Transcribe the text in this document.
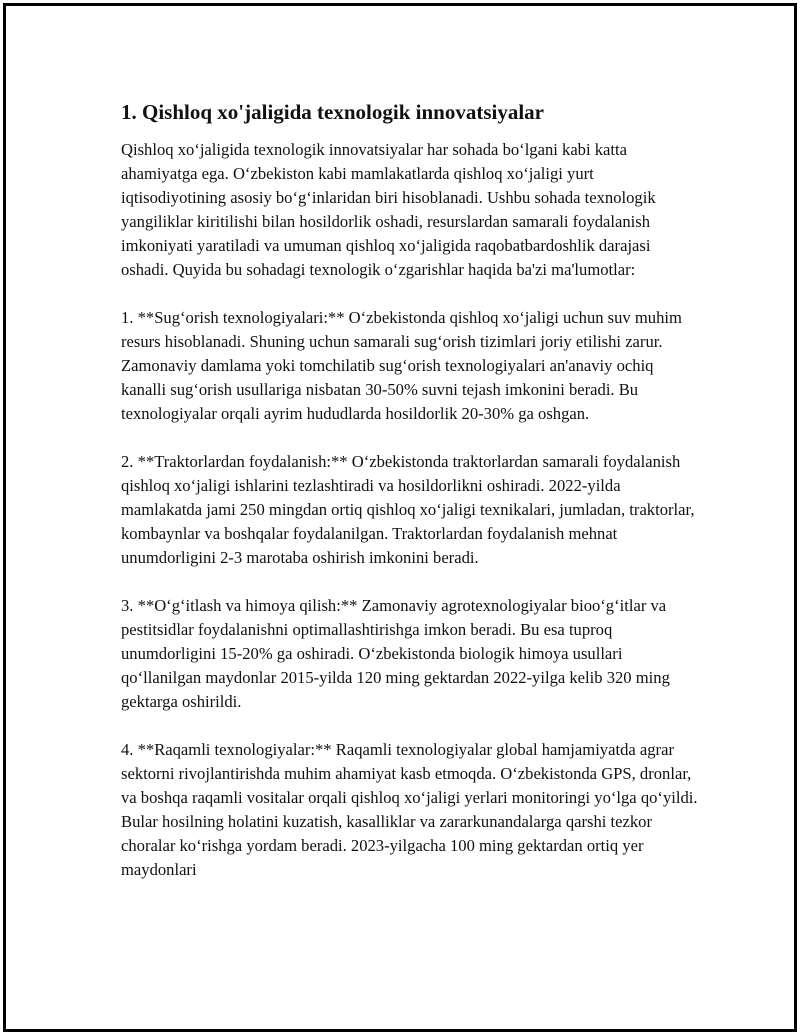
1. Qishloq xo'jaligida texnologik innovatsiyalar

Qishloq xo‘jaligida texnologik innovatsiyalar har sohada bo‘lgani kabi katta ahamiyatga ega. O‘zbekiston kabi mamlakatlarda qishloq xo‘jaligi yurt iqtisodiyotining asosiy bo‘g‘inlaridan biri hisoblanadi. Ushbu sohada texnologik yangiliklar kiritilishi bilan hosildorlik oshadi, resurslardan samarali foydalanish imkoniyati yaratiladi va umuman qishloq xo‘jaligida raqobatbardoshlik darajasi oshadi. Quyida bu sohadagi texnologik o‘zgarishlar haqida ba'zi ma'lumotlar:

1. **Sug‘orish texnologiyalari:** O‘zbekistonda qishloq xo‘jaligi uchun suv muhim resurs hisoblanadi. Shuning uchun samarali sug‘orish tizimlari joriy etilishi zarur. Zamonaviy damlama yoki tomchilatib sug‘orish texnologiyalari an'anaviy ochiq kanalli sug‘orish usullariga nisbatan 30-50% suvni tejash imkonini beradi. Bu texnologiyalar orqali ayrim hududlarda hosildorlik 20-30% ga oshgan.

2. **Traktorlardan foydalanish:** O‘zbekistonda traktorlardan samarali foydalanish qishloq xo‘jaligi ishlarini tezlashtiradi va hosildorlikni oshiradi. 2022-yilda mamlakatda jami 250 mingdan ortiq qishloq xo‘jaligi texnikalari, jumladan, traktorlar, kombaynlar va boshqalar foydalanilgan. Traktorlardan foydalanish mehnat unumdorligini 2-3 marotaba oshirish imkonini beradi.

3. **O‘g‘itlash va himoya qilish:** Zamonaviy agrotexnologiyalar bioo‘g‘itlar va pestitsidlar foydalanishni optimallashtirishga imkon beradi. Bu esa tuproq unumdorligini 15-20% ga oshiradi. O‘zbekistonda biologik himoya usullari qo‘llanilgan maydonlar 2015-yilda 120 ming gektardan 2022-yilga kelib 320 ming gektarga oshirildi.

4. **Raqamli texnologiyalar:** Raqamli texnologiyalar global hamjamiyatda agrar sektorni rivojlantirishda muhim ahamiyat kasb etmoqda. O‘zbekistonda GPS, dronlar, va boshqa raqamli vositalar orqali qishloq xo‘jaligi yerlari monitoringi yo‘lga qo‘yildi. Bular hosilning holatini kuzatish, kasalliklar va zararkunandalarga qarshi tezkor choralar ko‘rishga yordam beradi. 2023-yilgacha 100 ming gektardan ortiq yer maydonlari
